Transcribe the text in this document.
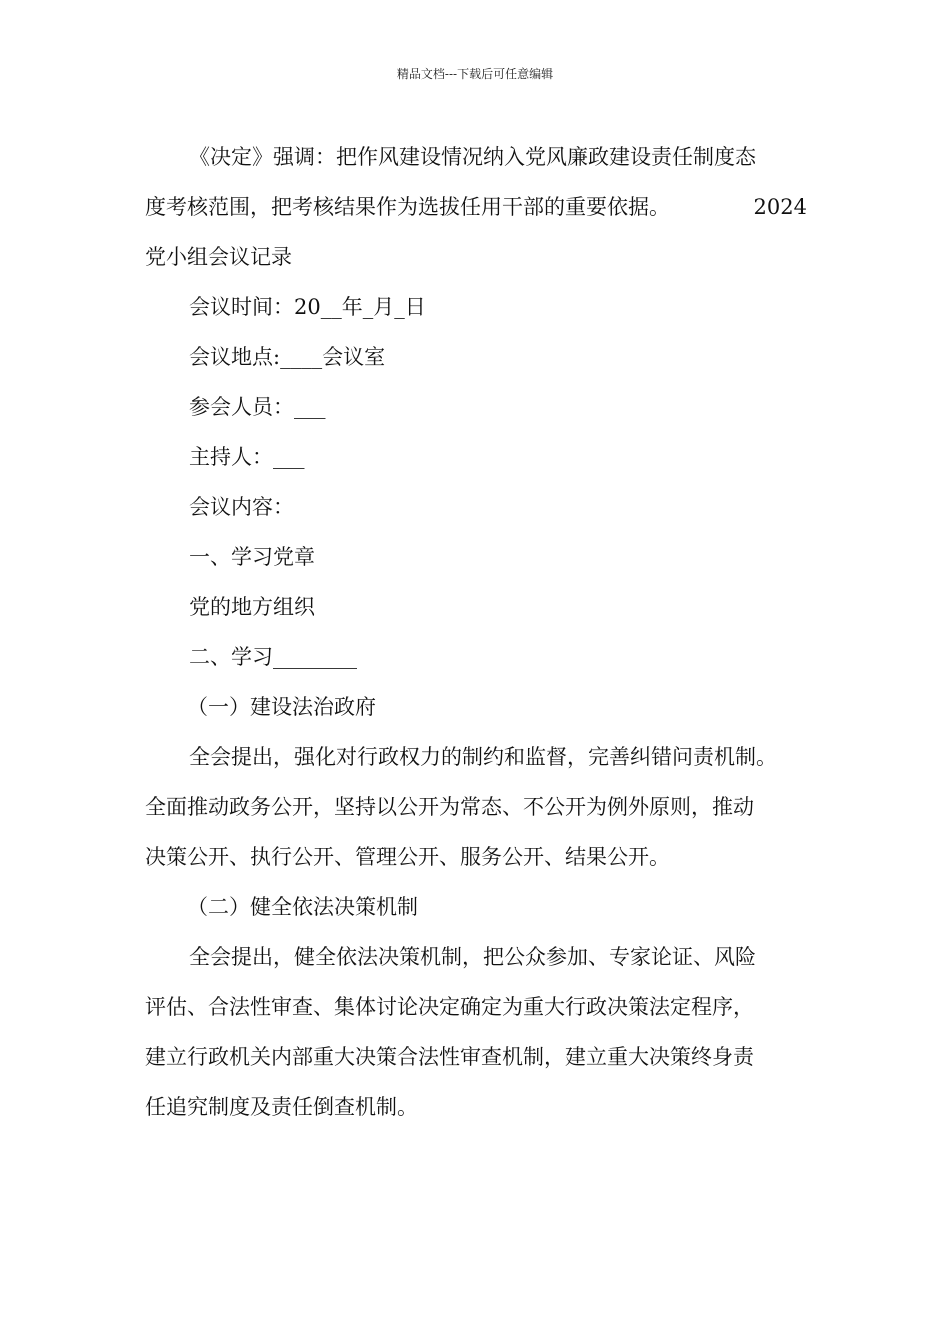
精品文档---下载后可任意编辑

《决定》强调：把作风建设情况纳入党风廉政建设责任制度态

度考核范围，把考核结果作为选拔任用干部的重要依据。	2024

党小组会议记录

会议时间：20__年_月_日

会议地点:____会议室

参会人员：___

主持人：___

会议内容：

一、学习党章

党的地方组织

二、学习________

（一）建设法治政府

全会提出，强化对行政权力的制约和监督，完善纠错问责机制。

全面推动政务公开，坚持以公开为常态、不公开为例外原则，推动

决策公开、执行公开、管理公开、服务公开、结果公开。

（二）健全依法决策机制

全会提出，健全依法决策机制，把公众参加、专家论证、风险

评估、合法性审查、集体讨论决定确定为重大行政决策法定程序，

建立行政机关内部重大决策合法性审查机制，建立重大决策终身责

任追究制度及责任倒查机制。
